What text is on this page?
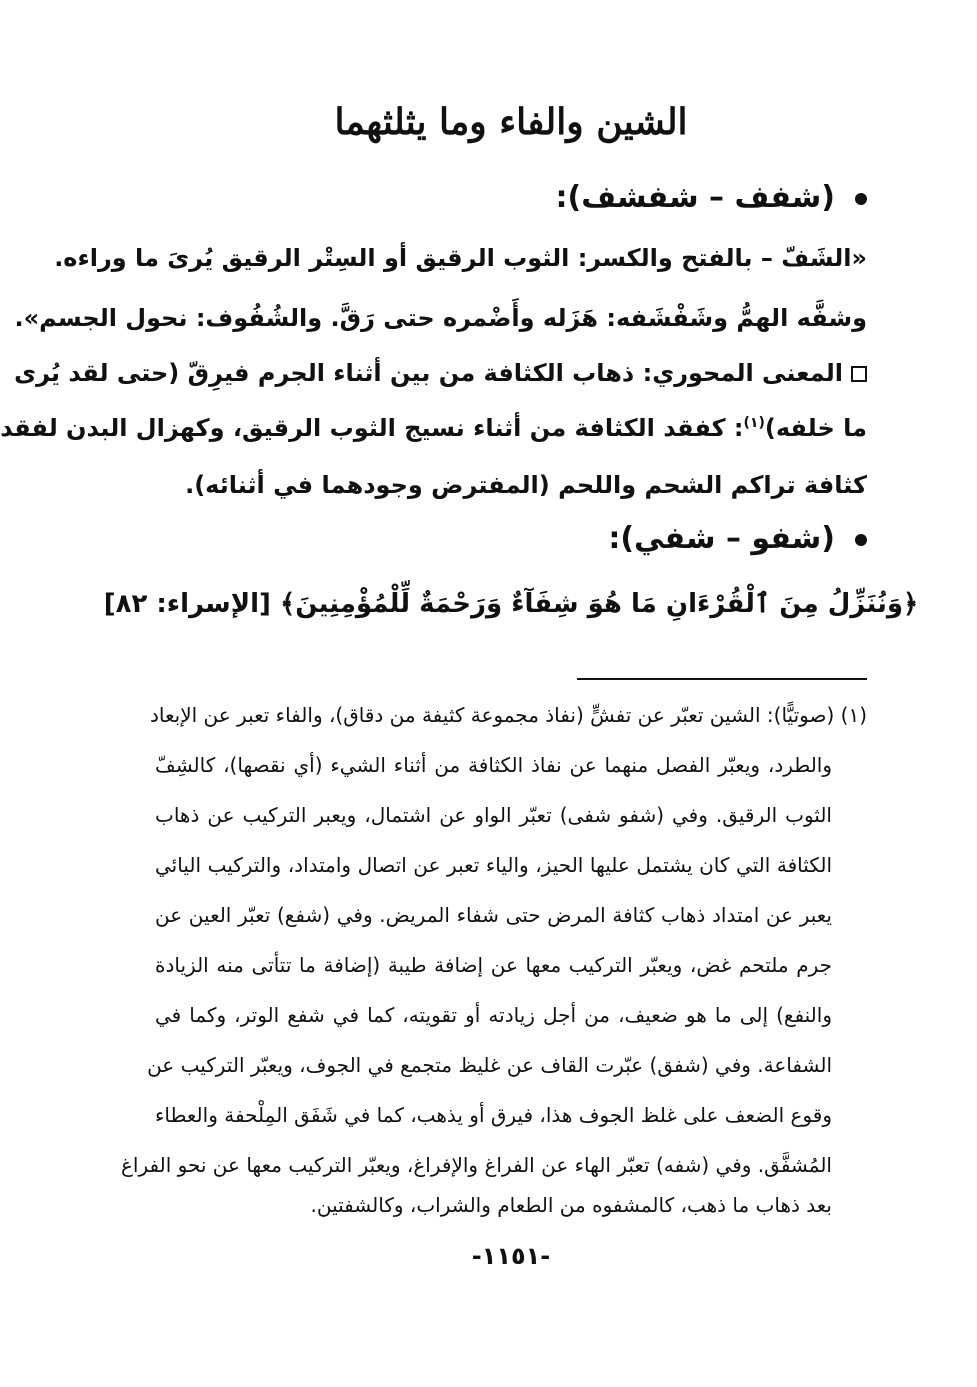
الشين والفاء وما يثلثهما
(شفف – شفشف):
«الشَفّ – بالفتح والكسر: الثوب الرقيق أو السِتْر الرقيق يُرىَ ما وراءه.
وشفَّه الهمُّ وشَفْشَفه: هَزَله وأَضْمره حتى رَقَّ. والشُفُوف: نحول الجسم».
المعنى المحوري: ذهاب الكثافة من بين أثناء الجرم فيرِقّ (حتى لقد يُرى
ما خلفه)$^{(١)}$: كفقد الكثافة من أثناء نسيج الثوب الرقيق، وكهزال البدن لفقد
كثافة تراكم الشحم واللحم (المفترض وجودهما في أثنائه).
(شفو – شفي):
﴿وَنُنَزِّلُ مِنَ ٱلْقُرْءَانِ مَا هُوَ شِفَآءٌ وَرَحْمَةٌ لِّلْمُؤْمِنِينَ﴾ [الإسراء: ٨٢]
(١) (صوتيًّا): الشين تعبّر عن تفشٍّ (نفاذ مجموعة كثيفة من دقاق)، والفاء تعبر عن الإبعاد
والطرد، ويعبّر الفصل منهما عن نفاذ الكثافة من أثناء الشيء (أي نقصها)، كالشِفّ
الثوب الرقيق. وفي (شفو شفى) تعبّر الواو عن اشتمال، ويعبر التركيب عن ذهاب
الكثافة التي كان يشتمل عليها الحيز، والياء تعبر عن اتصال وامتداد، والتركيب اليائي
يعبر عن امتداد ذهاب كثافة المرض حتى شفاء المريض. وفي (شفع) تعبّر العين عن
جرم ملتحم غض، ويعبّر التركيب معها عن إضافة طيبة (إضافة ما تتأتى منه الزيادة
والنفع) إلى ما هو ضعيف، من أجل زيادته أو تقويته، كما في شفع الوتر، وكما في
الشفاعة. وفي (شفق) عبّرت القاف عن غليظ متجمع في الجوف، ويعبّر التركيب عن
وقوع الضعف على غلظ الجوف هذا، فيرق أو يذهب، كما في شَفَق المِلْحفة والعطاء
المُشفَّق. وفي (شفه) تعبّر الهاء عن الفراغ والإفراغ، ويعبّر التركيب معها عن نحو الفراغ
بعد ذهاب ما ذهب، كالمشفوه من الطعام والشراب، وكالشفتين.
-١١٥١-
